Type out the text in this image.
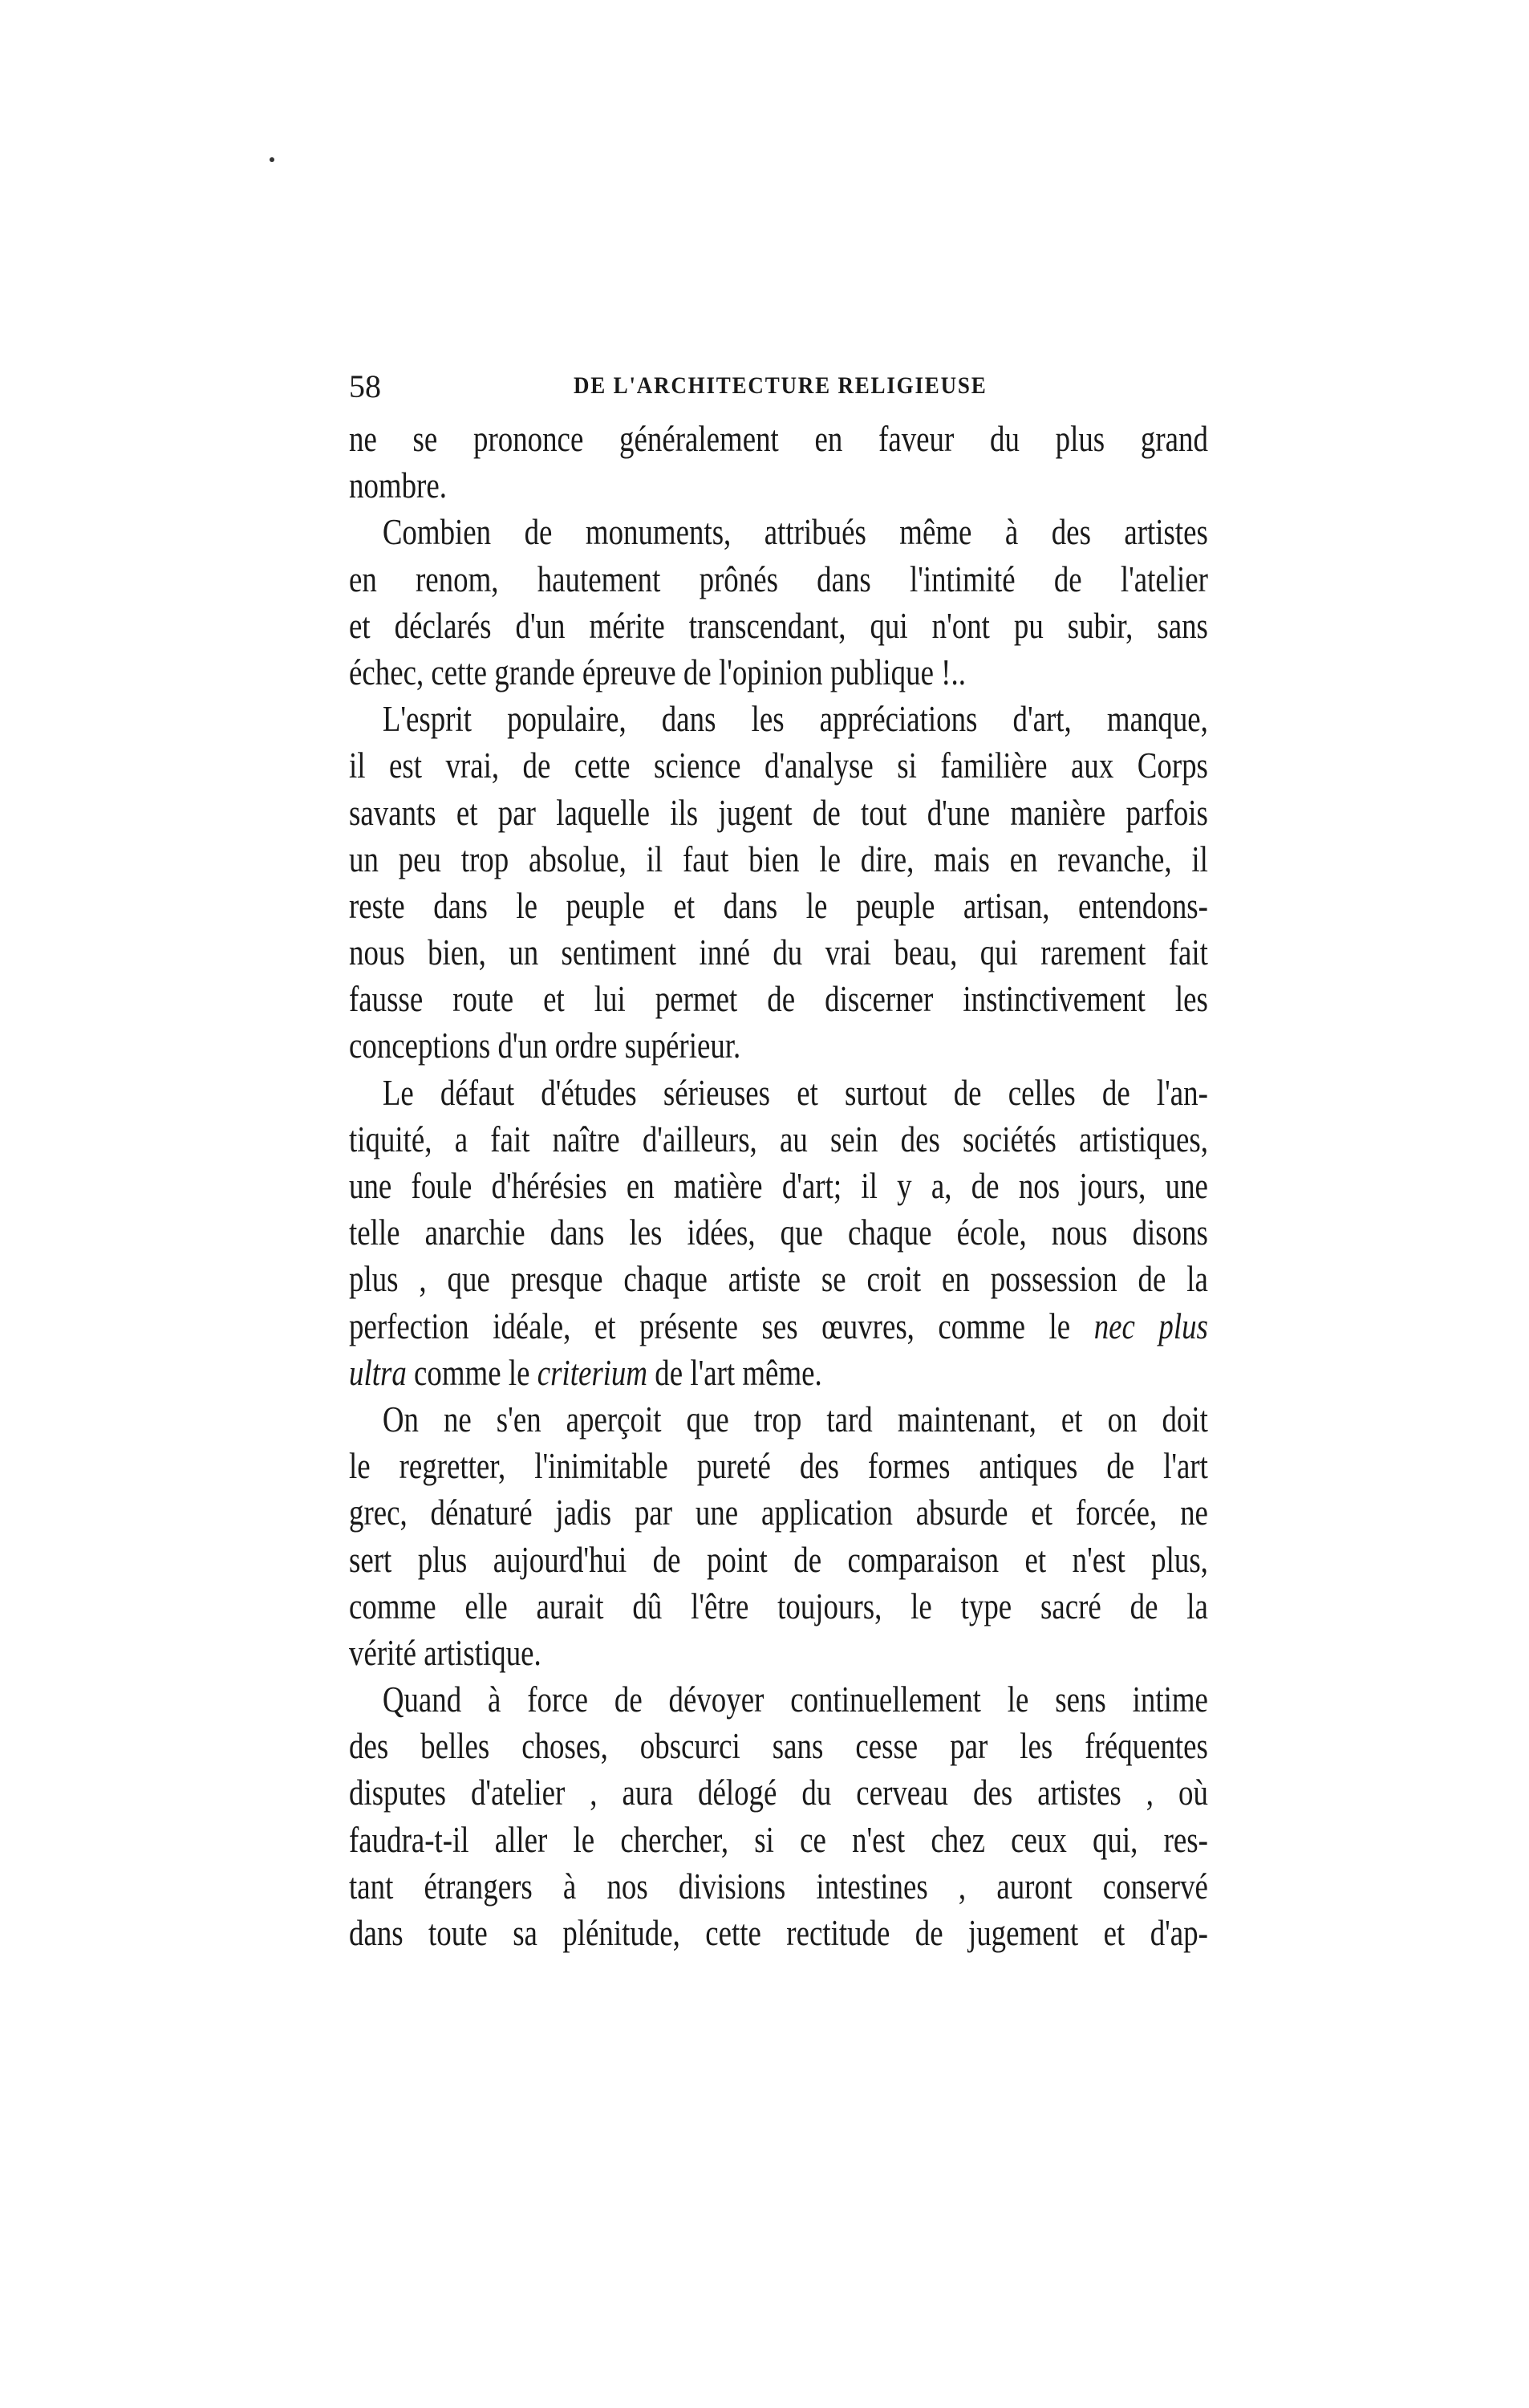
58	DE L'ARCHITECTURE RELIGIEUSE
ne se prononce généralement en faveur du plus grand
nombre.
Combien de monuments, attribués même à des artistes
en renom, hautement prônés dans l'intimité de l'atelier
et déclarés d'un mérite transcendant, qui n'ont pu subir, sans
échec, cette grande épreuve de l'opinion publique !..
L'esprit populaire, dans les appréciations d'art, manque,
il est vrai, de cette science d'analyse si familière aux Corps
savants et par laquelle ils jugent de tout d'une manière parfois
un peu trop absolue, il faut bien le dire, mais en revanche, il
reste dans le peuple et dans le peuple artisan, entendons-
nous bien, un sentiment inné du vrai beau, qui rarement fait
fausse route et lui permet de discerner instinctivement les
conceptions d'un ordre supérieur.
Le défaut d'études sérieuses et surtout de celles de l'an-
tiquité, a fait naître d'ailleurs, au sein des sociétés artistiques,
une foule d'hérésies en matière d'art; il y a, de nos jours, une
telle anarchie dans les idées, que chaque école, nous disons
plus , que presque chaque artiste se croit en possession de la
perfection idéale, et présente ses œuvres, comme le nec plus
ultra comme le criterium de l'art même.
On ne s'en aperçoit que trop tard maintenant, et on doit
le regretter, l'inimitable pureté des formes antiques de l'art
grec, dénaturé jadis par une application absurde et forcée, ne
sert plus aujourd'hui de point de comparaison et n'est plus,
comme elle aurait dû l'être toujours, le type sacré de la
vérité artistique.
Quand à force de dévoyer continuellement le sens intime
des belles choses, obscurci sans cesse par les fréquentes
disputes d'atelier , aura délogé du cerveau des artistes , où
faudra-t-il aller le chercher, si ce n'est chez ceux qui, res-
tant étrangers à nos divisions intestines , auront conservé
dans toute sa plénitude, cette rectitude de jugement et d'ap-
